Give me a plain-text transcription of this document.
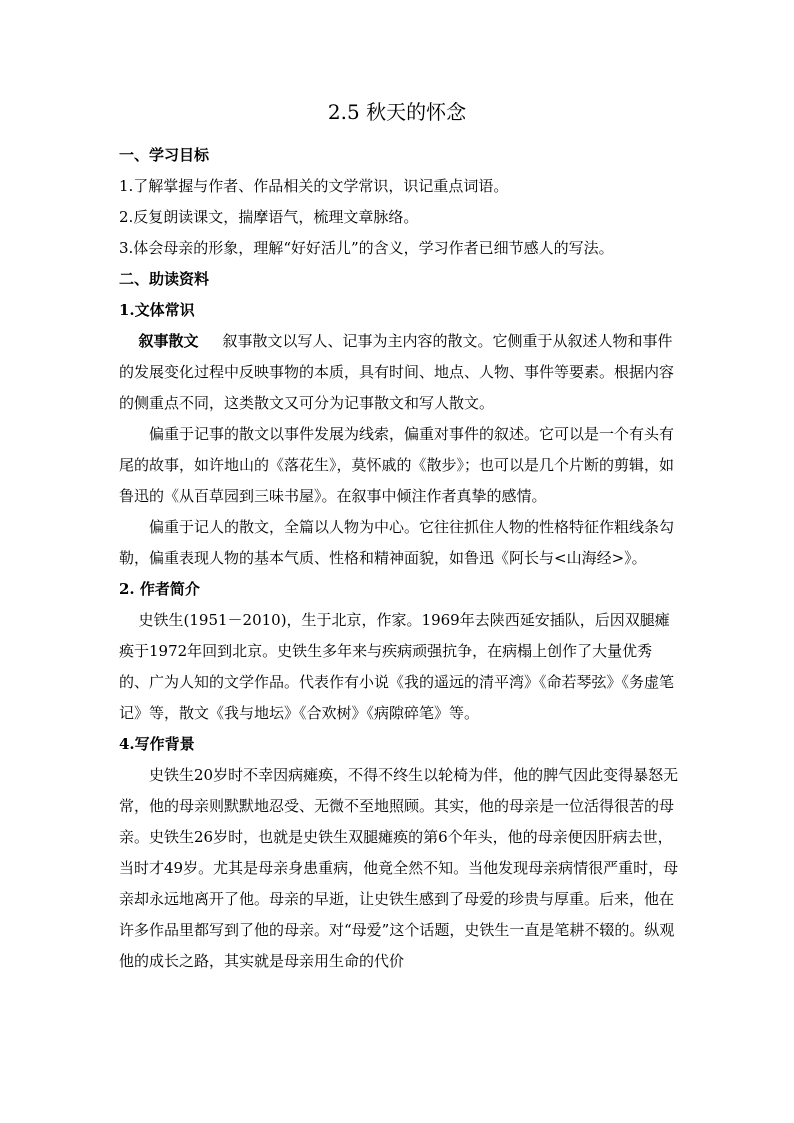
2.5 秋天的怀念

一、学习目标

1.了解掌握与作者、作品相关的文学常识，识记重点词语。

2.反复朗读课文，揣摩语气，梳理文章脉络。

3.体会母亲的形象，理解“好好活儿”的含义，学习作者已细节感人的写法。

二、助读资料

1.文体常识

叙事散文 叙事散文以写人、记事为主内容的散文。它侧重于从叙述人物和事件的发展变化过程中反映事物的本质，具有时间、地点、人物、事件等要素。根据内容的侧重点不同，这类散文又可分为记事散文和写人散文。

偏重于记事的散文以事件发展为线索，偏重对事件的叙述。它可以是一个有头有尾的故事，如许地山的《落花生》，莫怀戚的《散步》；也可以是几个片断的剪辑，如鲁迅的《从百草园到三味书屋》。在叙事中倾注作者真挚的感情。

偏重于记人的散文，全篇以人物为中心。它往往抓住人物的性格特征作粗线条勾勒，偏重表现人物的基本气质、性格和精神面貌，如鲁迅《阿长与<山海经>》。

2. 作者简介

史铁生(1951－2010)，生于北京，作家。1969年去陕西延安插队，后因双腿瘫痪于1972年回到北京。史铁生多年来与疾病顽强抗争，在病榻上创作了大量优秀的、广为人知的文学作品。代表作有小说《我的遥远的清平湾》《命若琴弦》《务虚笔记》等，散文《我与地坛》《合欢树》《病隙碎笔》等。

4.写作背景

史铁生20岁时不幸因病瘫痪，不得不终生以轮椅为伴，他的脾气因此变得暴怒无常，他的母亲则默默地忍受、无微不至地照顾。其实，他的母亲是一位活得很苦的母亲。史铁生26岁时，也就是史铁生双腿瘫痪的第6个年头，他的母亲便因肝病去世，当时才49岁。尤其是母亲身患重病，他竟全然不知。当他发现母亲病情很严重时，母亲却永远地离开了他。母亲的早逝，让史铁生感到了母爱的珍贵与厚重。后来，他在许多作品里都写到了他的母亲。对“母爱”这个话题，史铁生一直是笔耕不辍的。纵观他的成长之路，其实就是母亲用生命的代价
